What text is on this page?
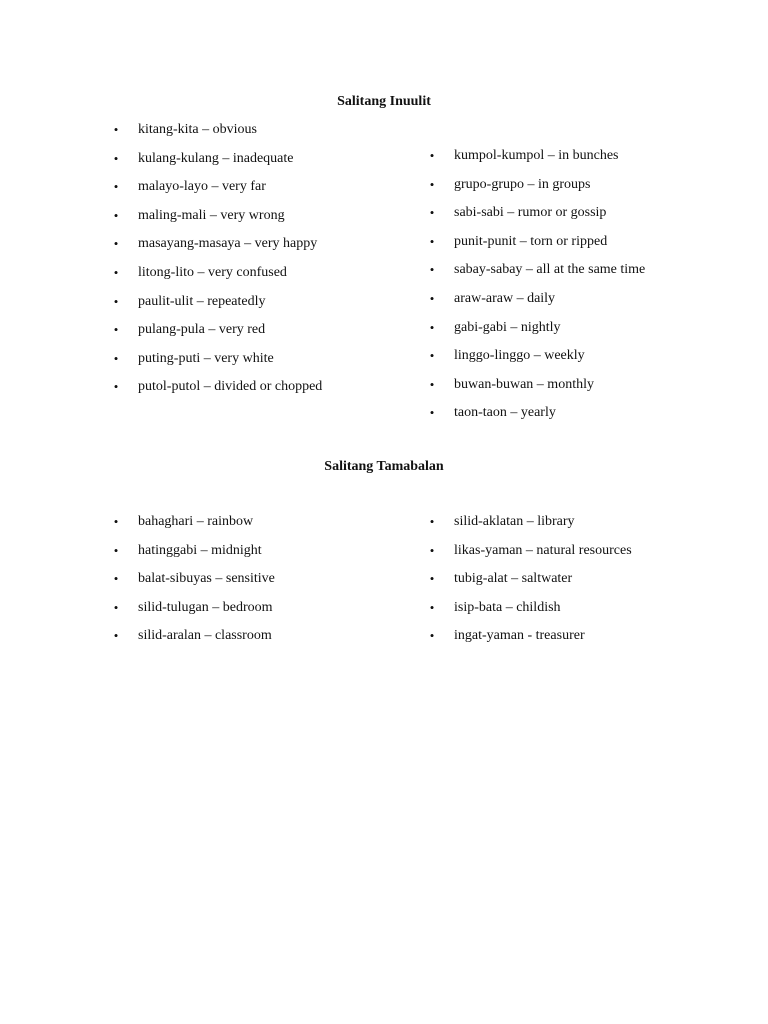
Salitang Inuulit
• kitang-kita – obvious
• kulang-kulang – inadequate
• malayo-layo – very far
• maling-mali – very wrong
• masayang-masaya – very happy
• litong-lito – very confused
• paulit-ulit – repeatedly
• pulang-pula – very red
• puting-puti – very white
• putol-putol – divided or chopped
• kumpol-kumpol – in bunches
• grupo-grupo – in groups
• sabi-sabi – rumor or gossip
• punit-punit – torn or ripped
• sabay-sabay – all at the same time
• araw-araw – daily
• gabi-gabi – nightly
• linggo-linggo – weekly
• buwan-buwan – monthly
• taon-taon – yearly
Salitang Tamabalan
• bahaghari – rainbow
• hatinggabi – midnight
• balat-sibuyas – sensitive
• silid-tulugan – bedroom
• silid-aralan – classroom
• silid-aklatan – library
• likas-yaman – natural resources
• tubig-alat – saltwater
• isip-bata – childish
• ingat-yaman - treasurer
